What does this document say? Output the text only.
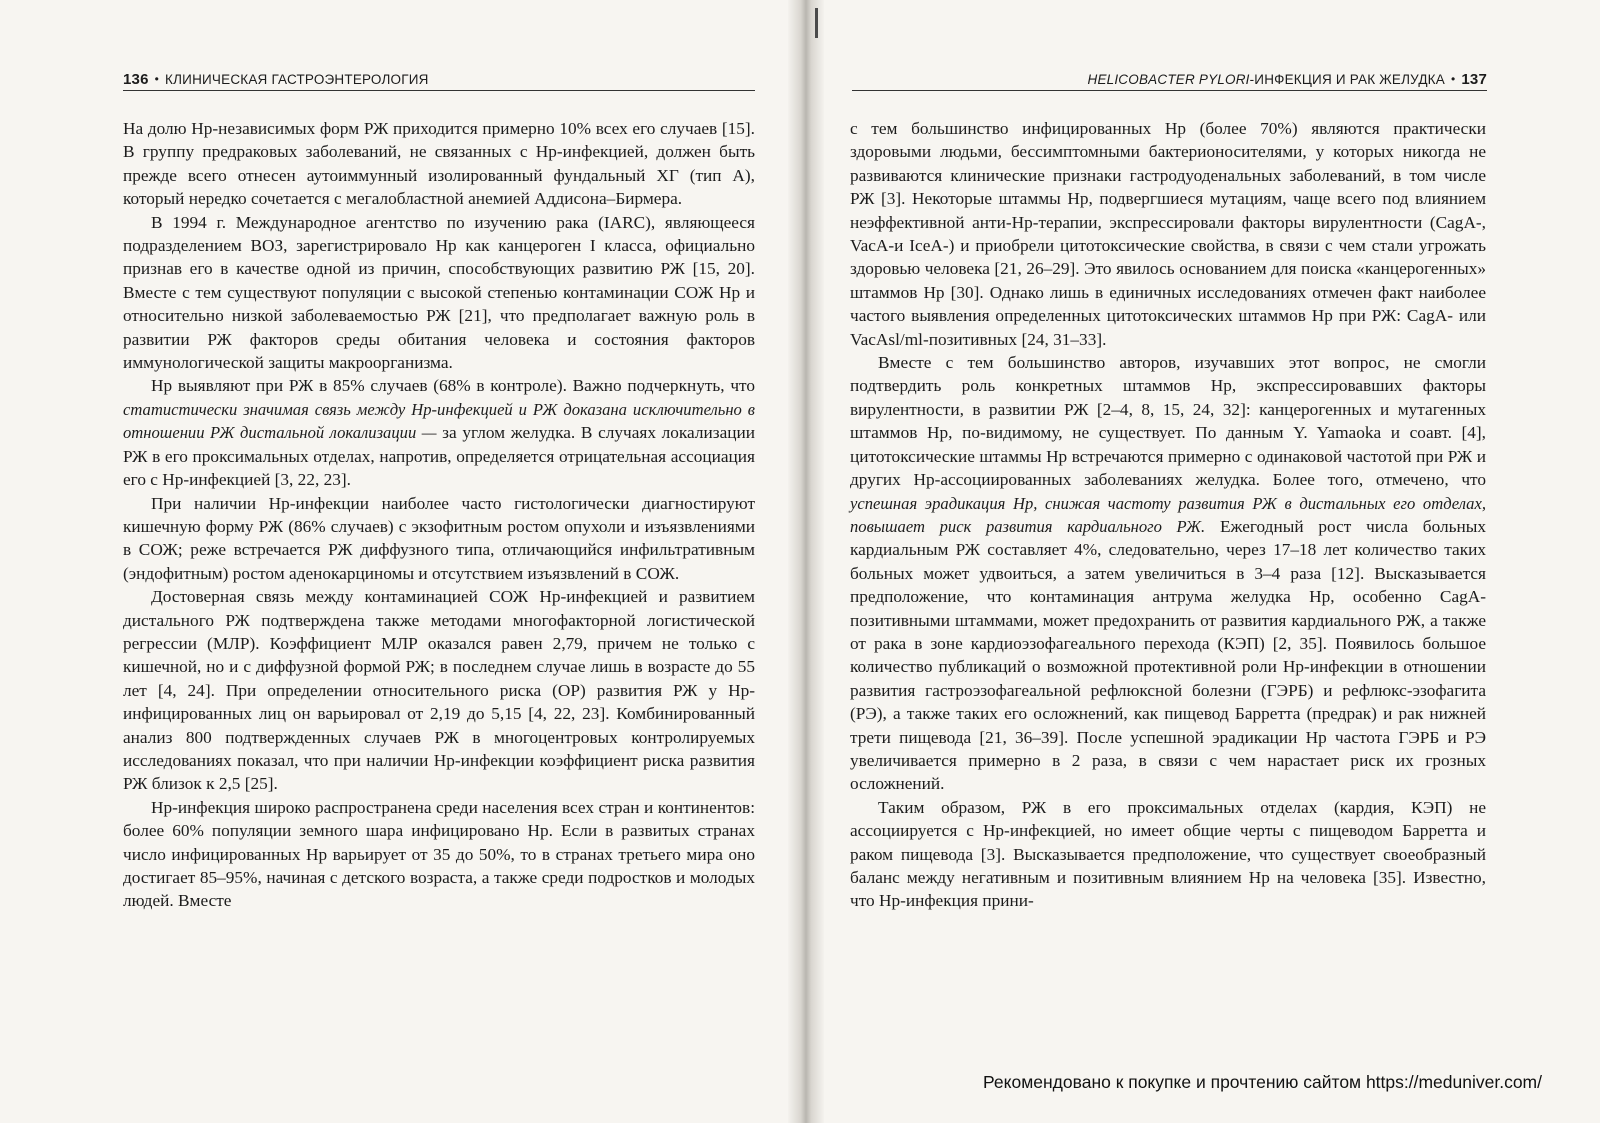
136 • КЛИНИЧЕСКАЯ ГАСТРОЭНТЕРОЛОГИЯ	HELICOBACTER PYLORI-ИНФЕКЦИЯ И РАК ЖЕЛУДКА • 137

На долю Нр-независимых форм РЖ приходится примерно 10% всех его случаев [15]. В группу предраковых заболеваний, не связанных с Нр-инфекцией, должен быть прежде всего отнесен аутоиммунный изолированный фундальный ХГ (тип А), который нередко сочетается с мегалобластной анемией Аддисона–Бирмера.

В 1994 г. Международное агентство по изучению рака (IARC), являющееся подразделением ВОЗ, зарегистрировало Нр как канцероген I класса, официально признав его в качестве одной из причин, способствующих развитию РЖ [15, 20]. Вместе с тем существуют популяции с высокой степенью контаминации СОЖ Нр и относительно низкой заболеваемостью РЖ [21], что предполагает важную роль в развитии РЖ факторов среды обитания человека и состояния факторов иммунологической защиты макроорганизма.

Нр выявляют при РЖ в 85% случаев (68% в контроле). Важно подчеркнуть, что статистически значимая связь между Нр-инфекцией и РЖ доказана исключительно в отношении РЖ дистальной локализации — за углом желудка. В случаях локализации РЖ в его проксимальных отделах, напротив, определяется отрицательная ассоциация его с Нр-инфекцией [3, 22, 23].

При наличии Нр-инфекции наиболее часто гистологически диагностируют кишечную форму РЖ (86% случаев) с экзофитным ростом опухоли и изъязвлениями в СОЖ; реже встречается РЖ диффузного типа, отличающийся инфильтративным (эндофитным) ростом аденокарциномы и отсутствием изъязвлений в СОЖ.

Достоверная связь между контаминацией СОЖ Нр-инфекцией и развитием дистального РЖ подтверждена также методами многофакторной логистической регрессии (МЛР). Коэффициент МЛР оказался равен 2,79, причем не только с кишечной, но и с диффузной формой РЖ; в последнем случае лишь в возрасте до 55 лет [4, 24]. При определении относительного риска (ОР) развития РЖ у Нр-инфицированных лиц он варьировал от 2,19 до 5,15 [4, 22, 23]. Комбинированный анализ 800 подтвержденных случаев РЖ в многоцентровых контролируемых исследованиях показал, что при наличии Нр-инфекции коэффициент риска развития РЖ близок к 2,5 [25].

Нр-инфекция широко распространена среди населения всех стран и континентов: более 60% популяции земного шара инфицировано Нр. Если в развитых странах число инфицированных Нр варьирует от 35 до 50%, то в странах третьего мира оно достигает 85–95%, начиная с детского возраста, а также среди подростков и молодых людей. Вместе

с тем большинство инфицированных Нр (более 70%) являются практически здоровыми людьми, бессимптомными бактерионосителями, у которых никогда не развиваются клинические признаки гастродуоденальных заболеваний, в том числе РЖ [3]. Некоторые штаммы Нр, подвергшиеся мутациям, чаще всего под влиянием неэффективной анти-Нр-терапии, экспрессировали факторы вирулентности (CagA-, VacA-и IceA-) и приобрели цитотоксические свойства, в связи с чем стали угрожать здоровью человека [21, 26–29]. Это явилось основанием для поиска «канцерогенных» штаммов Нр [30]. Однако лишь в единичных исследованиях отмечен факт наиболее частого выявления определенных цитотоксических штаммов Нр при РЖ: CagA- или VacAsl/ml-позитивных [24, 31–33].

Вместе с тем большинство авторов, изучавших этот вопрос, не смогли подтвердить роль конкретных штаммов Нр, экспрессировавших факторы вирулентности, в развитии РЖ [2–4, 8, 15, 24, 32]: канцерогенных и мутагенных штаммов Нр, по-видимому, не существует. По данным Y. Yamaoka и соавт. [4], цитотоксические штаммы Нр встречаются примерно с одинаковой частотой при РЖ и других Нр-ассоциированных заболеваниях желудка. Более того, отмечено, что успешная эрадикация Нр, снижая частоту развития РЖ в дистальных его отделах, повышает риск развития кардиального РЖ. Ежегодный рост числа больных кардиальным РЖ составляет 4%, следовательно, через 17–18 лет количество таких больных может удвоиться, а затем увеличиться в 3–4 раза [12]. Высказывается предположение, что контаминация антрума желудка Нр, особенно CagA-позитивными штаммами, может предохранить от развития кардиального РЖ, а также от рака в зоне кардиоэзофагеального перехода (КЭП) [2, 35]. Появилось большое количество публикаций о возможной протективной роли Нр-инфекции в отношении развития гастроэзофагеальной рефлюксной болезни (ГЭРБ) и рефлюкс-эзофагита (РЭ), а также таких его осложнений, как пищевод Барретта (предрак) и рак нижней трети пищевода [21, 36–39]. После успешной эрадикации Нр частота ГЭРБ и РЭ увеличивается примерно в 2 раза, в связи с чем нарастает риск их грозных осложнений.

Таким образом, РЖ в его проксимальных отделах (кардия, КЭП) не ассоциируется с Нр-инфекцией, но имеет общие черты с пищеводом Барретта и раком пищевода [3]. Высказывается предположение, что существует своеобразный баланс между негативным и позитивным влиянием Нр на человека [35]. Известно, что Нр-инфекция прини-

Рекомендовано к покупке и прочтению сайтом https://meduniver.com/
